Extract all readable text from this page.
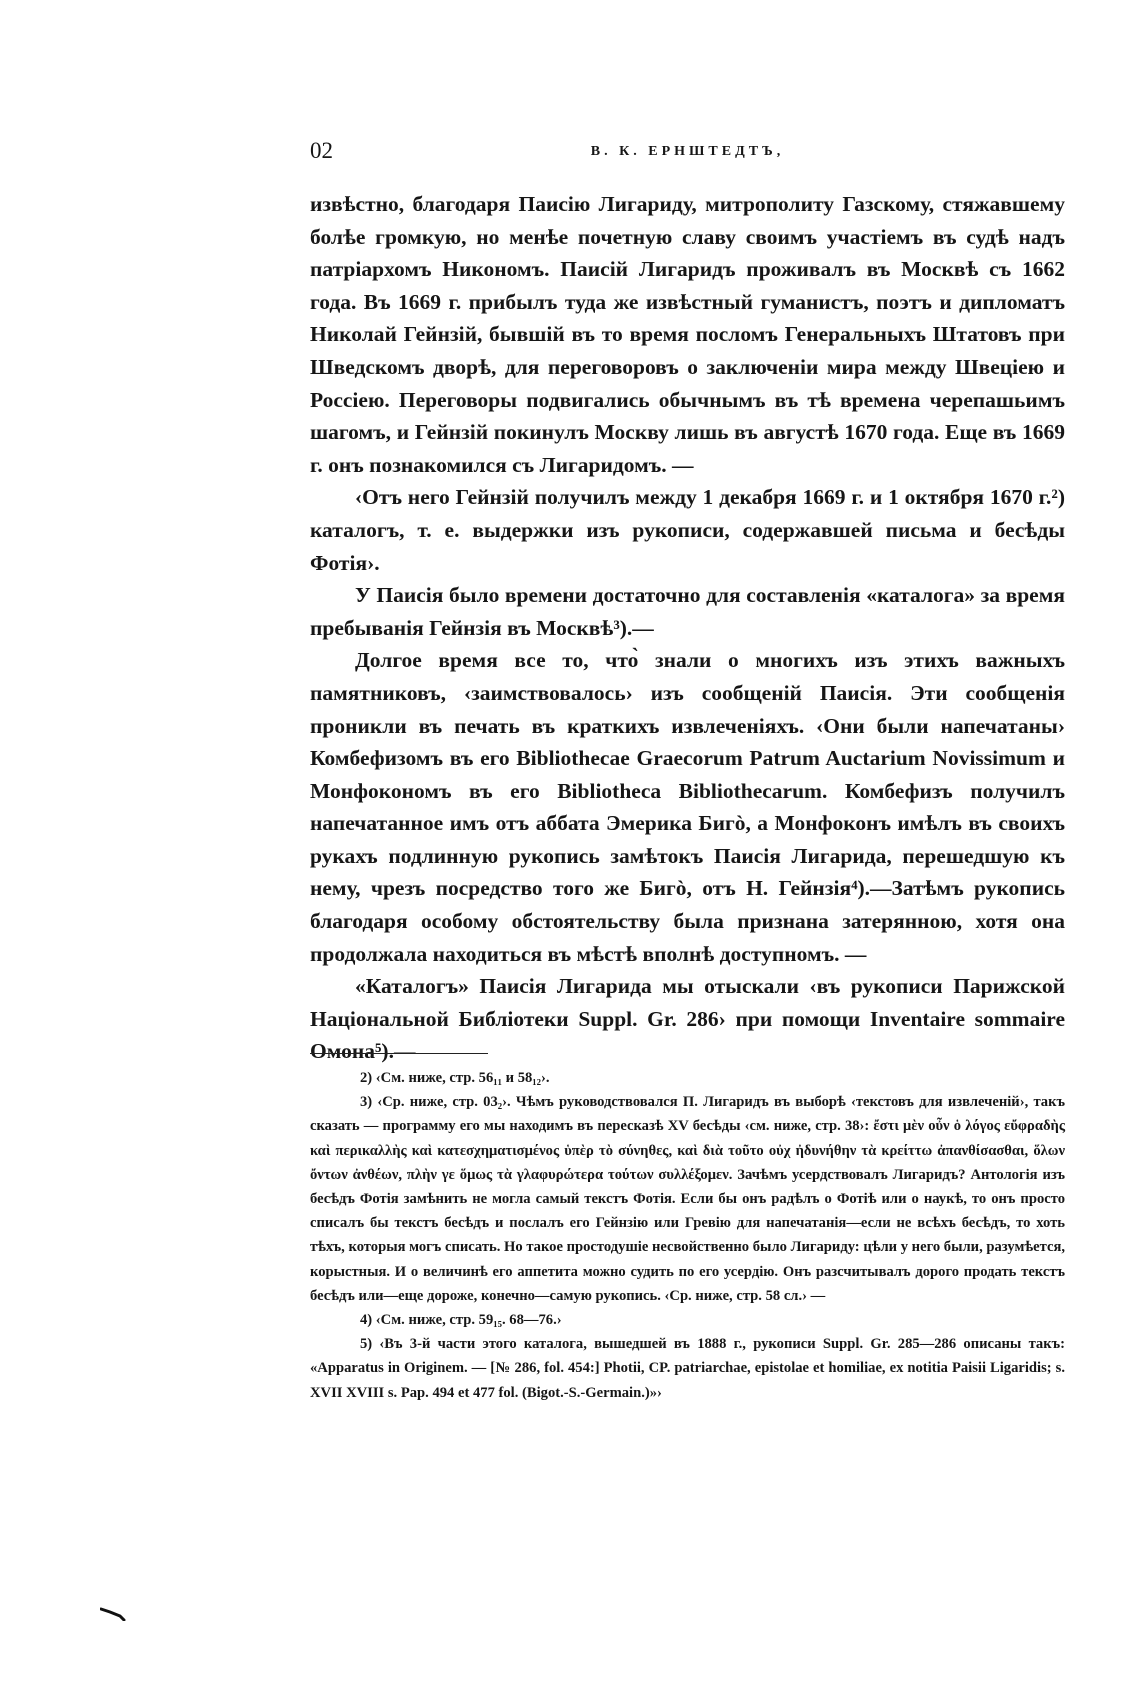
02	В. К. ЕРНШТЕДТЪ,

извѣстно, благодаря Паисію Лигариду, митрополиту Газскому, стяжавшему болѣе громкую, но менѣе почетную славу своимъ участіемъ въ судѣ надъ патріархомъ Никономъ. Паисій Лигаридъ проживалъ въ Москвѣ съ 1662 года. Въ 1669 г. прибылъ туда же извѣстный гуманистъ, поэтъ и дипломатъ Николай Гейнзій, бывшій въ то время посломъ Генеральныхъ Штатовъ при Шведскомъ дворѣ, для переговоровъ о заключеніи мира между Швеціею и Россіею. Переговоры подвигались обычнымъ въ тѣ времена черепашьимъ шагомъ, и Гейнзій покинулъ Москву лишь въ августѣ 1670 года. Еще въ 1669 г. онъ познакомился съ Лигаридомъ. —

‹Отъ него Гейнзій получилъ между 1 декабря 1669 г. и 1 октября 1670 г.²) каталогъ, т. е. выдержки изъ рукописи, содержавшей письма и бесѣды Фотія›.

У Паисія было времени достаточно для составленія «каталога» за время пребыванія Гейнзія въ Москвѣ³).—

Долгое время все то, что̀ знали о многихъ изъ этихъ важныхъ памятниковъ, ‹заимствовалось› изъ сообщеній Паисія. Эти сообщенія проникли въ печать въ краткихъ извлеченіяхъ. ‹Они были напечатаны› Комбефизомъ въ его Bibliothecae Graecorum Patrum Auctarium Novissimum и Монфокономъ въ его Bibliotheca Bibliothecarum. Комбефизъ получилъ напечатанное имъ отъ аббата Эмерика Бигò, а Монфоконъ имѣлъ въ своихъ рукахъ подлинную рукопись замѣтокъ Паисія Лигарида, перешедшую къ нему, чрезъ посредство того же Бигò, отъ Н. Гейнзія⁴).—Затѣмъ рукопись благодаря особому обстоятельству была признана затерянною, хотя она продолжала находиться въ мѣстѣ вполнѣ доступномъ. —

«Каталогъ» Паисія Лигарида мы отыскали ‹въ рукописи Парижской Національной Библіотеки Suppl. Gr. 286› при помощи Inventaire sommaire Омона⁵).—

2) ‹См. ниже, стр. 56₁₁ и 58₁₂›.

3) ‹Ср. ниже, стр. 03₂›. Чѣмъ руководствовался П. Лигаридъ въ выборѣ ‹текстовъ для извлеченій›, такъ сказать — программу его мы находимъ въ пересказѣ XV бесѣды ‹см. ниже, стр. 38›: ἔστι μὲν οὖν ὁ λόγος εὔφραδὴς καὶ περικαλλὴς καὶ κατεσχηματισμένος ὑπὲρ τὸ σύνηθες, καὶ διὰ τοῦτο οὐχ ἠδυνήθην τὰ κρείττω ἀπανθίσασθαι, ὅλων ὄντων ἀνθέων, πλὴν γε ὅμως τὰ γλαφυρώτερα τούτων συλλέξομεν. Зачѣмъ усердствовалъ Лигаридъ? Антологія изъ бесѣдъ Фотія замѣнить не могла самый текстъ Фотія. Если бы онъ радѣлъ о Фотіѣ или о наукѣ, то онъ просто списалъ бы текстъ бесѣдъ и послалъ его Гейнзію или Гревію для напечатанія—если не всѣхъ бесѣдъ, то хоть тѣхъ, которыя могъ списать. Но такое простодушіе несвойственно было Лигариду: цѣли у него были, разумѣется, корыстныя. И о величинѣ его аппетита можно судить по его усердію. Онъ разсчитывалъ дорого продать текстъ бесѣдъ или—еще дороже, конечно—самую рукопись. ‹Ср. ниже, стр. 58 сл.› —

4) ‹См. ниже, стр. 59₁₅. 68—76.›

5) ‹Въ 3-й части этого каталога, вышедшей въ 1888 г., рукописи Suppl. Gr. 285—286 описаны такъ: «Apparatus in Originem. — [№ 286, fol. 454:] Photii, CP. patriarchae, epistolae et homiliae, ex notitia Paisii Ligaridis; s. XVII XVIII s. Pap. 494 et 477 fol. (Bigot.-S.-Germain.)»›
